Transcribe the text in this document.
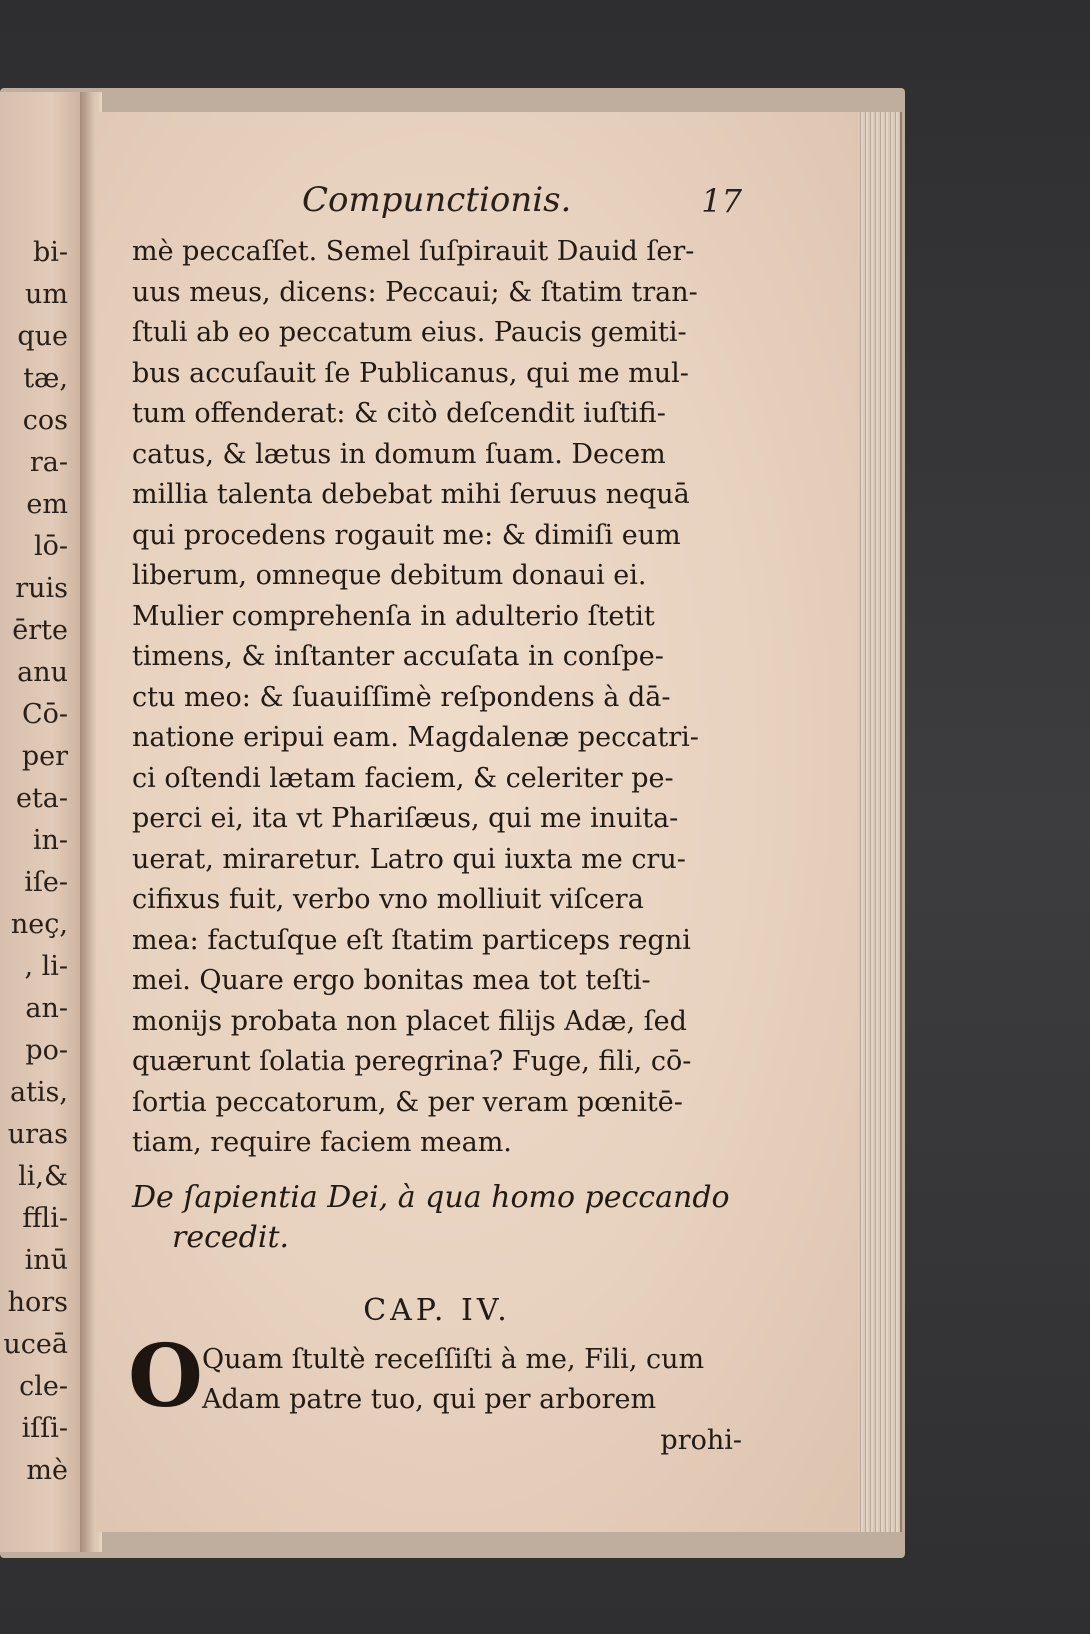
bi-
um
que
tæ,
cos
ra-
em
lō-
ruis
ērte
anu
Cō-
per
eta-
in-
iſe-
neç,
, li-
an-
po-
atis,
uras
li,&
ffli-
inū
hors
uceā
cle-
iſſi-
mè
Compunctionis.	17
mè peccaſſet. Semel ſuſpirauit Dauid ſer-
uus meus, dicens: Peccaui; & ſtatim tran-
ſtuli ab eo peccatum eius. Paucis gemiti-
bus accuſauit ſe Publicanus, qui me mul-
tum offenderat: & citò deſcendit iuſtifi-
catus, & lætus in domum ſuam. Decem
millia talenta debebat mihi ſeruus nequā
qui procedens rogauit me: & dimiſi eum
liberum, omneque debitum donaui ei.
Mulier comprehenſa in adulterio ſtetit
timens, & inſtanter accuſata in conſpe-
ctu meo: & ſuauiſſimè reſpondens à dā-
natione eripui eam. Magdalenæ peccatri-
ci oſtendi lætam faciem, & celeriter pe-
perci ei, ita vt Phariſæus, qui me inuita-
uerat, miraretur. Latro qui iuxta me cru-
cifixus fuit, verbo vno molliuit viſcera
mea: factuſque eſt ſtatim particeps regni
mei. Quare ergo bonitas mea tot teſti-
monijs probata non placet filijs Adæ, ſed
quærunt ſolatia peregrina? Fuge, fili, cō-
ſortia peccatorum, & per veram pœnitē-
tiam, require faciem meam.
De ſapientia Dei, à qua homo peccando
recedit.
CAP. IV.
O Quam ſtultè receſſiſti à me, Fili, cum
Adam patre tuo, qui per arborem
prohi-
